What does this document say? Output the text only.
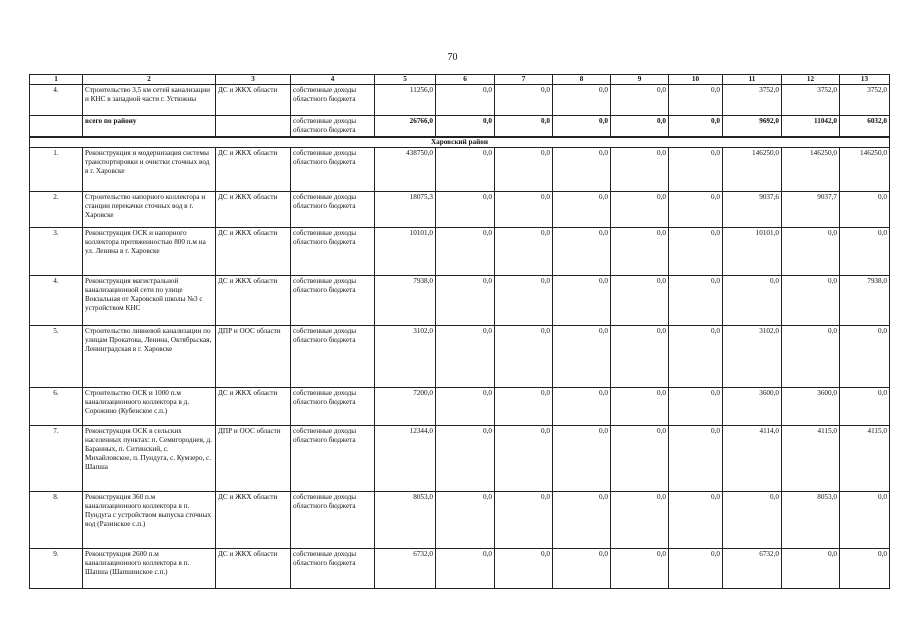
70
1	2	3	4	5	6	7	8	9	10	11	12	13
4.	Строительство 3,5 км сетей канализации и КНС в западной части г. Устюжны	ДС и ЖКХ области	собственные доходы областного бюджета	11256,0	0,0	0,0	0,0	0,0	0,0	3752,0	3752,0	3752,0
	всего по району		собственные доходы областного бюджета	26766,0	0,0	0,0	0,0	0,0	0,0	9692,0	11042,0	6032,0
Харовский район												
1.	Реконструкция и модернизация системы транспортировки и очистки сточных вод в г. Харовске	ДС и ЖКХ области	собственные доходы областного бюджета	438750,0	0,0	0,0	0,0	0,0	0,0	146250,0	146250,0	146250,0
2.	Строительство напорного коллектора и станции перекачки сточных вод в г. Харовске	ДС и ЖКХ области	собственные доходы областного бюджета	18075,3	0,0	0,0	0,0	0,0	0,0	9037,6	9037,7	0,0
3.	Реконструкция ОСК и напорного коллектора протяженностью 800 п.м на ул. Ленина в г. Харовске	ДС и ЖКХ области	собственные доходы областного бюджета	10101,0	0,0	0,0	0,0	0,0	0,0	10101,0	0,0	0,0
4.	Реконструкция магистральной канализационной сети по улице Вокзальная от Харовской школы №3 с устройством КНС	ДС и ЖКХ области	собственные доходы областного бюджета	7938,0	0,0	0,0	0,0	0,0	0,0	0,0	0,0	7938,0
5.	Строительство ливневой канализации по улицам Прокатова, Ленина, Октябрьская, Ленинградская в г. Харовске	ДПР и ООС области	собственные доходы областного бюджета	3102,0	0,0	0,0	0,0	0,0	0,0	3102,0	0,0	0,0
6.	Строительство ОСК и 1000 п.м канализационного коллектора в д. Сорожино (Кубенское с.п.)	ДС и ЖКХ области	собственные доходы областного бюджета	7200,0	0,0	0,0	0,0	0,0	0,0	3600,0	3600,0	0,0
7.	Реконструкция ОСК в сельских населенных пунктах: п. Семигороднея, д. Баранных, п. Ситинский, с. Михайловское, п. Пундуга, с. Кумзеро, с. Шапша	ДПР и ООС области	собственные доходы областного бюджета	12344,0	0,0	0,0	0,0	0,0	0,0	4114,0	4115,0	4115,0
8.	Реконструкция 360 п.м канализационного коллектора в п. Пундуга с устройством выпуска сточных вод (Разинское с.п.)	ДС и ЖКХ области	собственные доходы областного бюджета	8053,0	0,0	0,0	0,0	0,0	0,0	0,0	8053,0	0,0
9.	Реконструкция 2600 п.м канализационного коллектора в п. Шапша (Шапшинское с.п.)	ДС и ЖКХ области	собственные доходы областного бюджета	6732,0	0,0	0,0	0,0	0,0	0,0	6732,0	0,0	0,0
